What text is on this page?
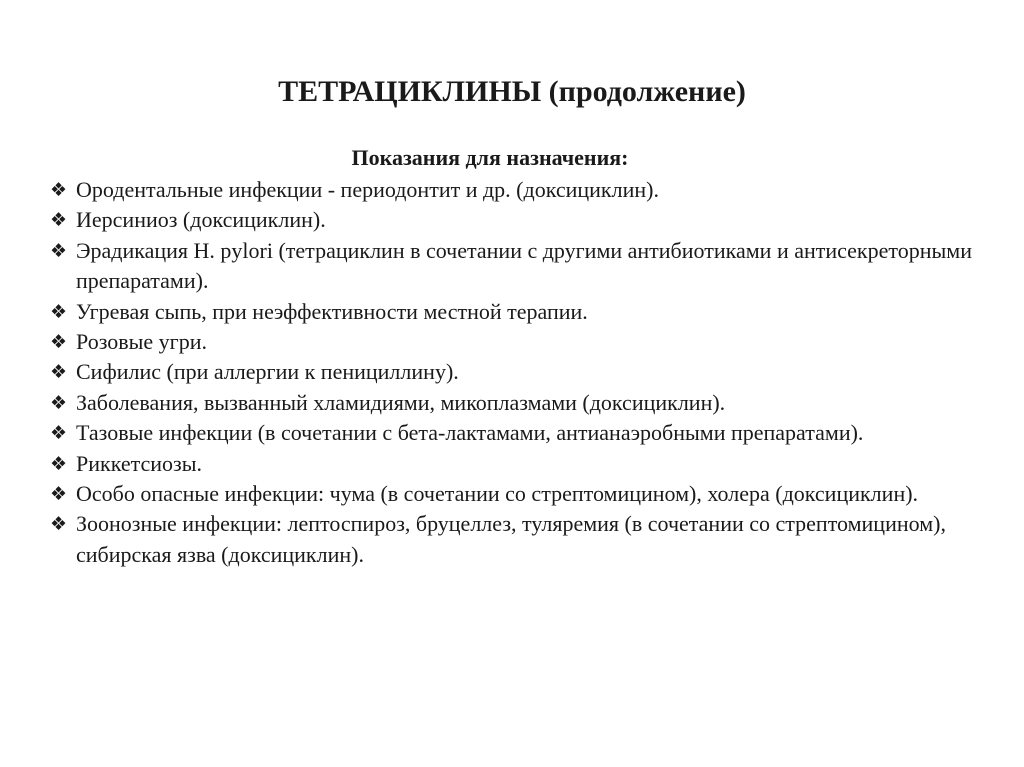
ТЕТРАЦИКЛИНЫ (продолжение)
Показания для назначения:
❖ Ородентальные инфекции - периодонтит и др. (доксициклин).
❖ Иерсиниоз (доксициклин).
❖ Эрадикация H. pylori (тетрациклин в сочетании с другими антибиотиками и антисекреторными препаратами).
❖ Угревая сыпь, при неэффективности местной терапии.
❖ Розовые угри.
❖ Сифилис (при аллергии к пенициллину).
❖ Заболевания, вызванный хламидиями, микоплазмами (доксициклин).
❖ Тазовые инфекции (в сочетании с бета-лактамами, антианаэробными препаратами).
❖ Риккетсиозы.
❖ Особо опасные инфекции: чума (в сочетании со стрептомицином), холера (доксициклин).
❖ Зоонозные инфекции: лептоспироз, бруцеллез, туляремия (в сочетании со стрептомицином), сибирская язва (доксициклин).
